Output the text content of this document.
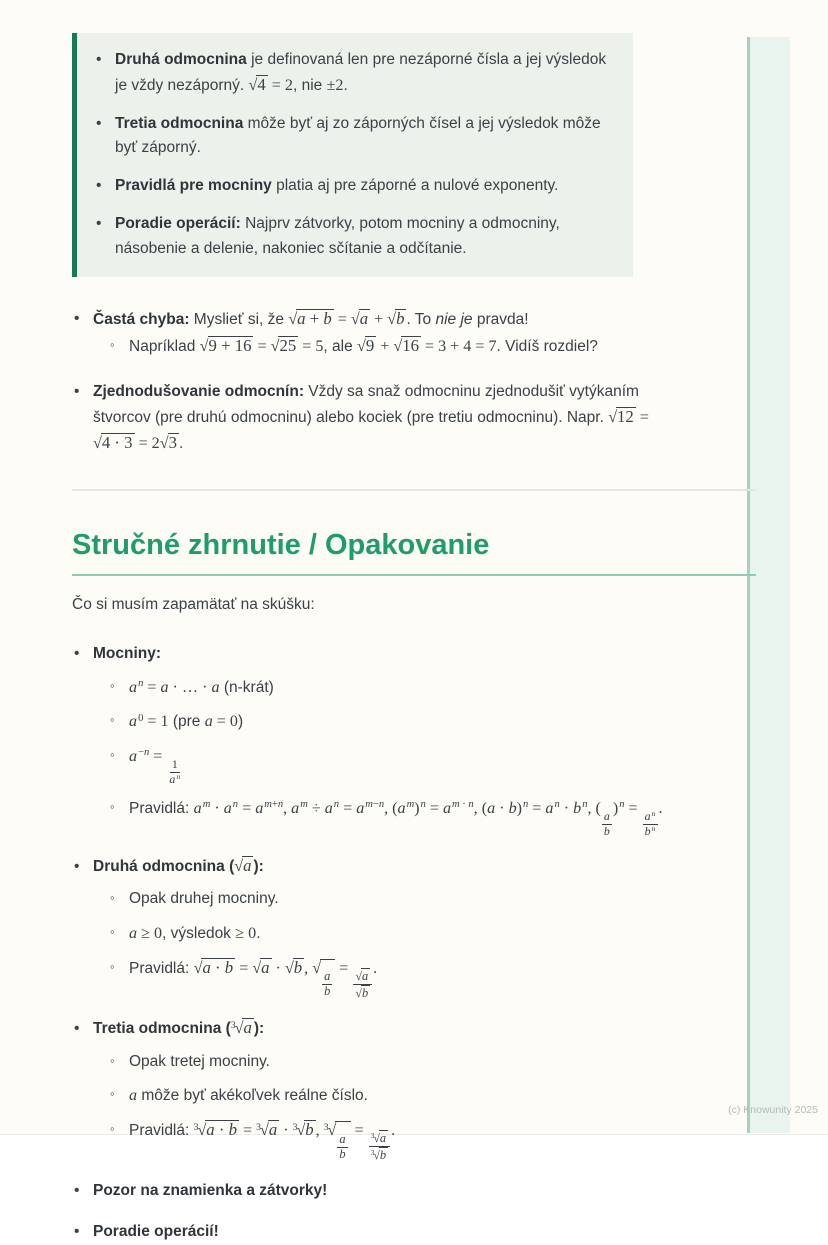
• Druhá odmocnina je definovaná len pre nezáporné čísla a jej výsledok je vždy nezáporný. √4 = 2, nie ±2.
• Tretia odmocnina môže byť aj zo záporných čísel a jej výsledok môže byť záporný.
• Pravidlá pre mocniny platia aj pre záporné a nulové exponenty.
• Poradie operácií: Najprv zátvorky, potom mocniny a odmocniny, násobenie a delenie, nakoniec sčítanie a odčítanie.
• Častá chyba: Myslieť si, že √a + b = √a + √b . To nie je pravda!
◦ Napríklad √9 + 16 = √25 = 5, ale √9 + √16 = 3 + 4 = 7. Vidíš rozdiel?
• Zjednodušovanie odmocnín: Vždy sa snaž odmocninu zjednodušiť vytýkaním štvorcov (pre druhú odmocninu) alebo kociek (pre tretiu odmocninu). Napr. √12 = √4 · 3 = 2√3 .
Stručné zhrnutie / Opakovanie

Čo si musím zapamätať na skúšku:

• Mocniny:
◦ $a^n = a$ · … · a (n-krát)
◦ $a^0 = 1$ (pre a = 0)
◦ $a^{-n}$ =
$\frac{1}{a^n}$
◦ Pravidlá: $a^m \cdot a^n = a^{m+n}$, $a^m \div a^n = a^{m-n}$, $(a^m)^n = a^{m \cdot n}$, $(a \cdot b)^n = a^n \cdot b^n$, (
$\frac{a}{b}$
)$^n$ =
$\frac{a^n}{b^n}$
.
• Druhá odmocnina (√a ):
◦ Opak druhej mocniny.
◦ a ≥ 0, výsledok ≥ 0.
◦ Pravidlá: √a · b = √a · √b , √
$\frac{a}{b}$
= $\frac{√a}{√b}$ .
• Tretia odmocnina ($^3$√a ):
◦ Opak tretej mocniny.
◦ a môže byť akékoľvek reálne číslo.
◦ Pravidlá: $^3$√a · b = $^3$√a · $^3$√b , $^3$√
$\frac{a}{b}$
= $\frac{^3√a}{^3√b}$ .
• Pozor na znamienka a zátvorky!
• Poradie operácií!
(c) Knowunity 2025
